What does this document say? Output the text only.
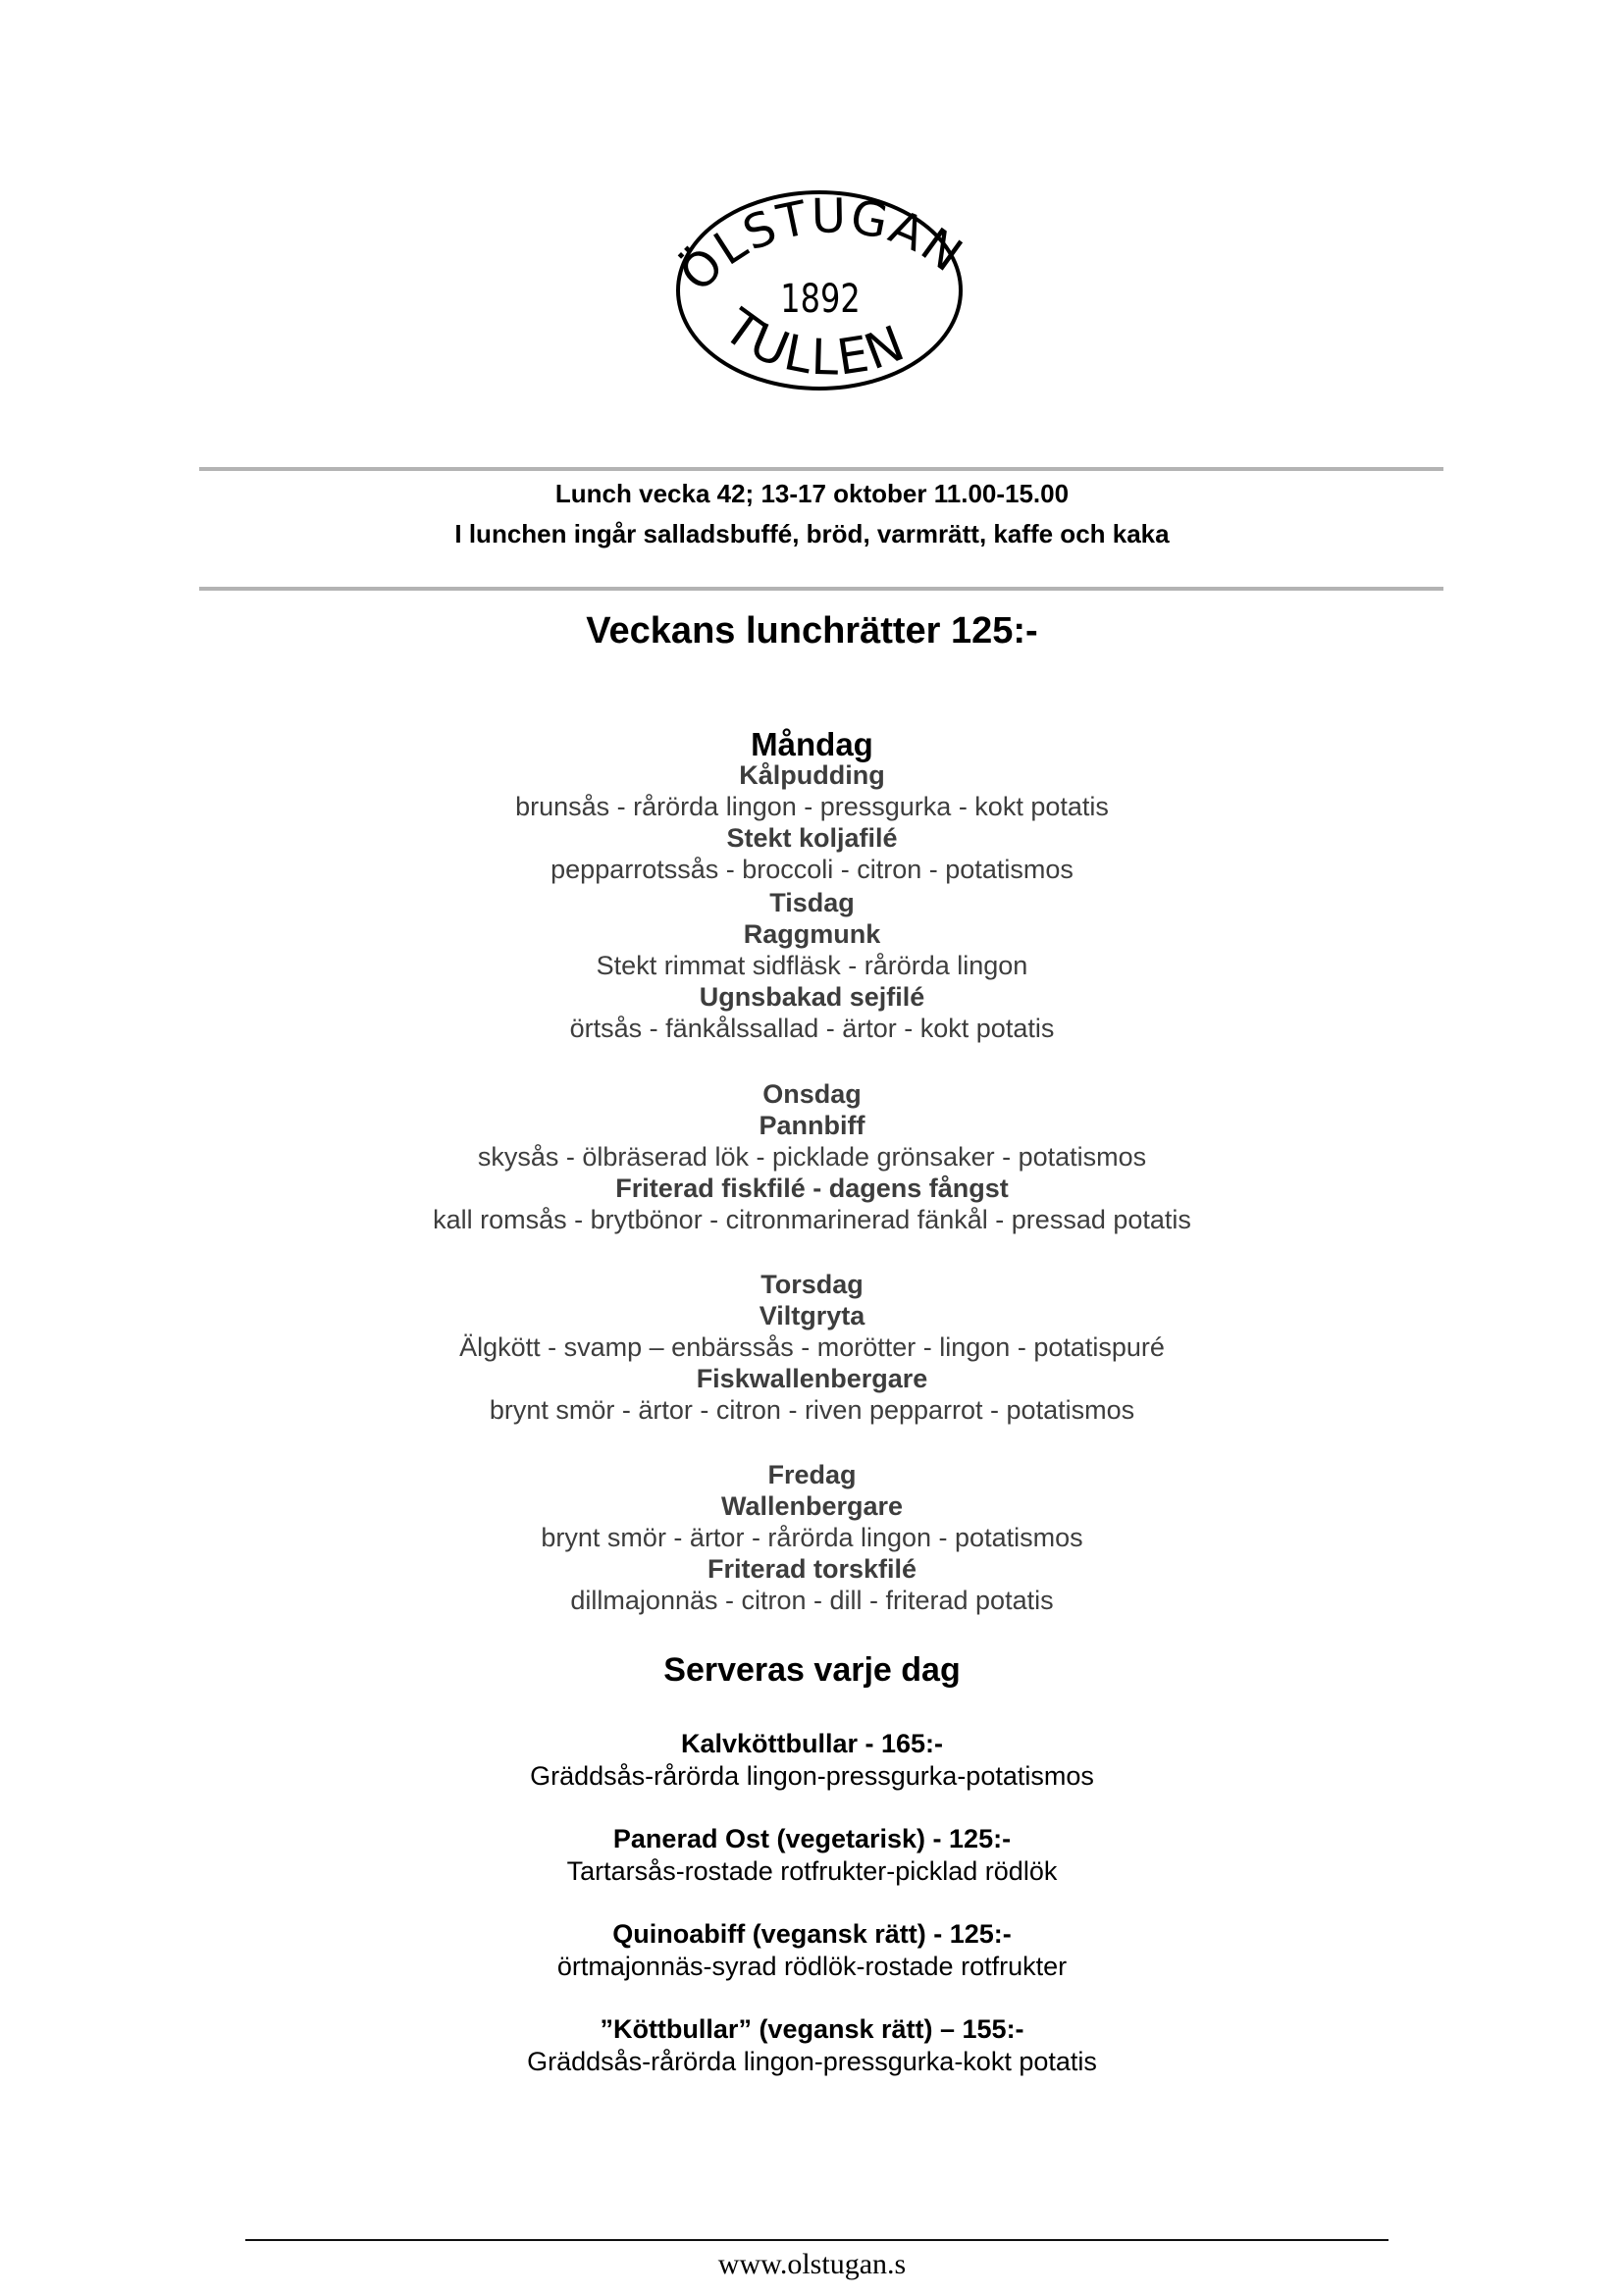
ÖLSTUGAN
1892
TULLEN

Lunch vecka 42; 13-17 oktober 11.00-15.00

I lunchen ingår salladsbuffé, bröd, varmrätt, kaffe och kaka

Veckans lunchrätter 125:-
Måndag
Kålpudding
brunsås - rårörda lingon - pressgurka - kokt potatis
Stekt koljafilé
pepparrotssås - broccoli - citron - potatismos
Tisdag
Raggmunk
Stekt rimmat sidfläsk - rårörda lingon
Ugnsbakad sejfilé
örtsås - fänkålssallad - ärtor - kokt potatis
Onsdag
Pannbiff
skysås - ölbräserad lök - picklade grönsaker - potatismos
Friterad fiskfilé - dagens fångst
kall romsås - brytbönor - citronmarinerad fänkål - pressad potatis
Torsdag
Viltgryta
Älgkött - svamp – enbärssås - morötter - lingon - potatispuré
Fiskwallenbergare
brynt smör - ärtor - citron - riven pepparrot - potatismos
Fredag
Wallenbergare
brynt smör - ärtor - rårörda lingon - potatismos
Friterad torskfilé
dillmajonnäs - citron - dill - friterad potatis
Serveras varje dag
Kalvköttbullar - 165:-
Gräddsås-rårörda lingon-pressgurka-potatismos
Panerad Ost (vegetarisk) - 125:-
Tartarsås-rostade rotfrukter-picklad rödlök
Quinoabiff (vegansk rätt) - 125:-
örtmajonnäs-syrad rödlök-rostade rotfrukter
”Köttbullar” (vegansk rätt) – 155:-
Gräddsås-rårörda lingon-pressgurka-kokt potatis

www.olstugan.s
